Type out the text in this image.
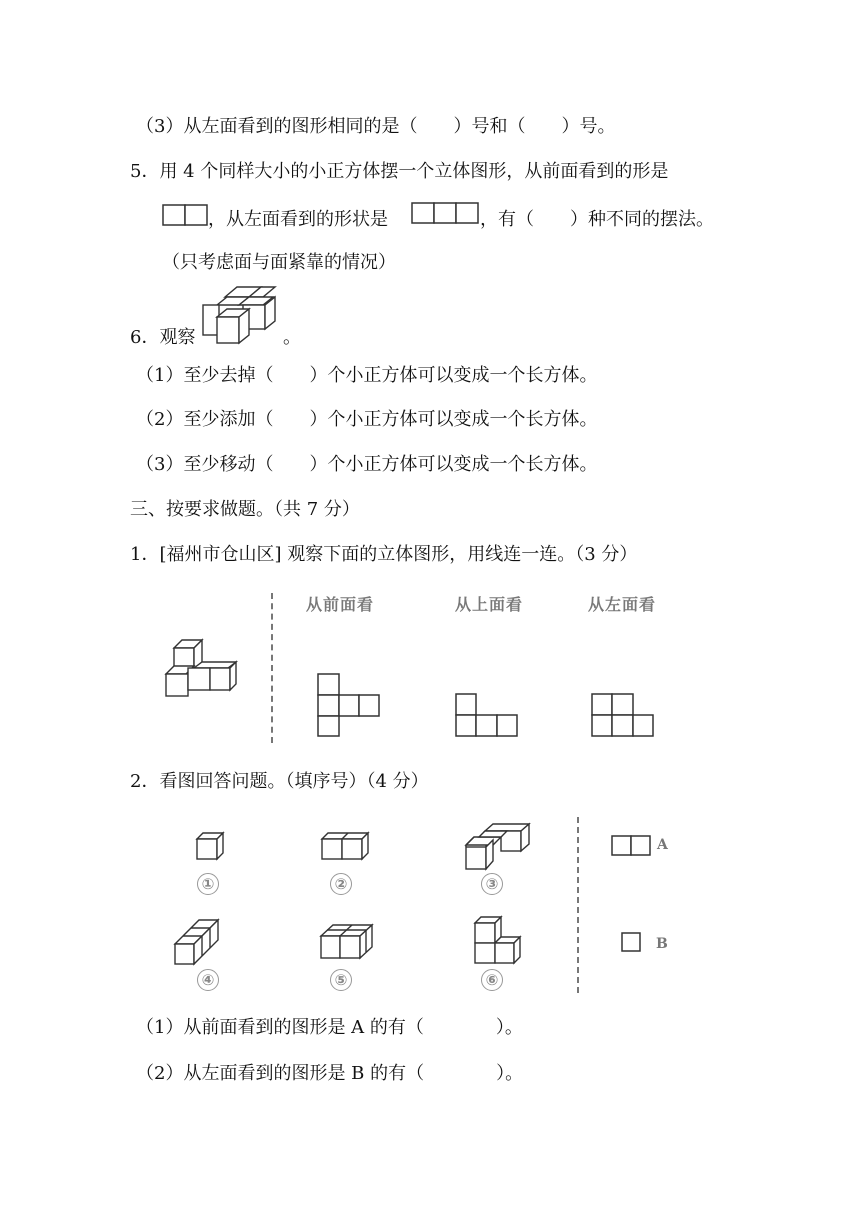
（3）从左面看到的图形相同的是（　　）号和（　　）号。
5．用 4 个同样大小的小正方体摆一个立体图形，从前面看到的形是
，从左面看到的形状是	，有（　　）种不同的摆法。
（只考虑面与面紧靠的情况）
6．观察	。
（1）至少去掉（　　）个小正方体可以变成一个长方体。
（2）至少添加（　　）个小正方体可以变成一个长方体。
（3）至少移动（　　）个小正方体可以变成一个长方体。
三、按要求做题。（共 7 分）
1．[福州市仓山区] 观察下面的立体图形，用线连一连。（3 分）
从前面看	从上面看	从左面看
2．看图回答问题。（填序号）（4 分）
①	②	③
④	⑤	⑥
A
B
（1）从前面看到的图形是 A 的有（　　　　）。
（2）从左面看到的图形是 B 的有（　　　　）。
